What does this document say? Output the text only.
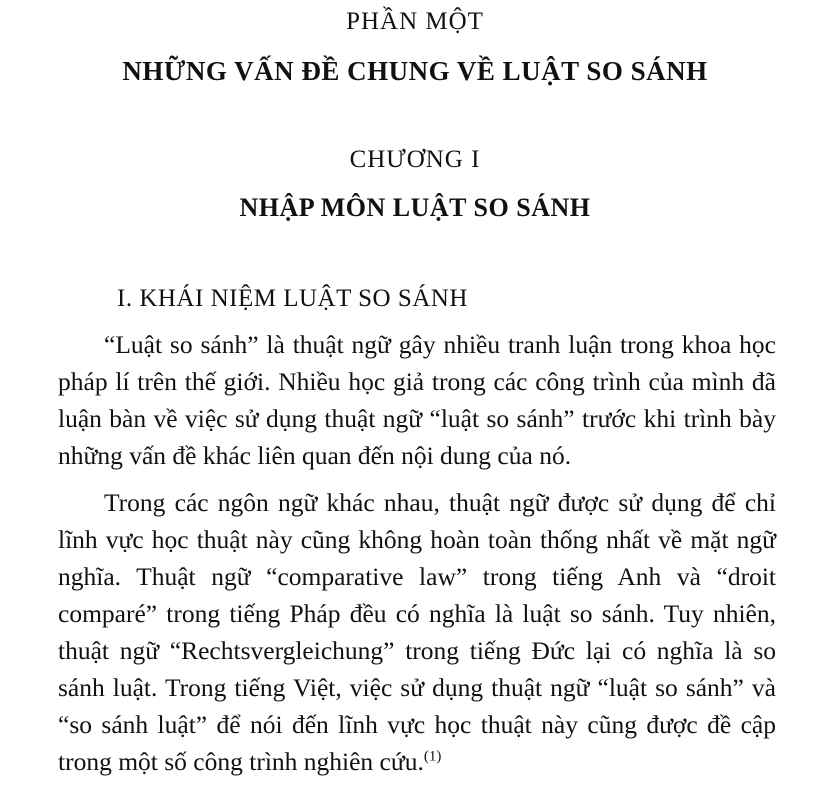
PHẦN MỘT
NHỮNG VẤN ĐỀ CHUNG VỀ LUẬT SO SÁNH
CHƯƠNG I
NHẬP MÔN LUẬT SO SÁNH
I. KHÁI NIỆM LUẬT SO SÁNH

“Luật so sánh” là thuật ngữ gây nhiều tranh luận trong khoa học pháp lí trên thế giới. Nhiều học giả trong các công trình của mình đã luận bàn về việc sử dụng thuật ngữ “luật so sánh” trước khi trình bày những vấn đề khác liên quan đến nội dung của nó.

Trong các ngôn ngữ khác nhau, thuật ngữ được sử dụng để chỉ lĩnh vực học thuật này cũng không hoàn toàn thống nhất về mặt ngữ nghĩa. Thuật ngữ “comparative law” trong tiếng Anh và “droit comparé” trong tiếng Pháp đều có nghĩa là luật so sánh. Tuy nhiên, thuật ngữ “Rechtsvergleichung” trong tiếng Đức lại có nghĩa là so sánh luật. Trong tiếng Việt, việc sử dụng thuật ngữ “luật so sánh” và “so sánh luật” để nói đến lĩnh vực học thuật này cũng được đề cập trong một số công trình nghiên cứu.$^{(1)}$
